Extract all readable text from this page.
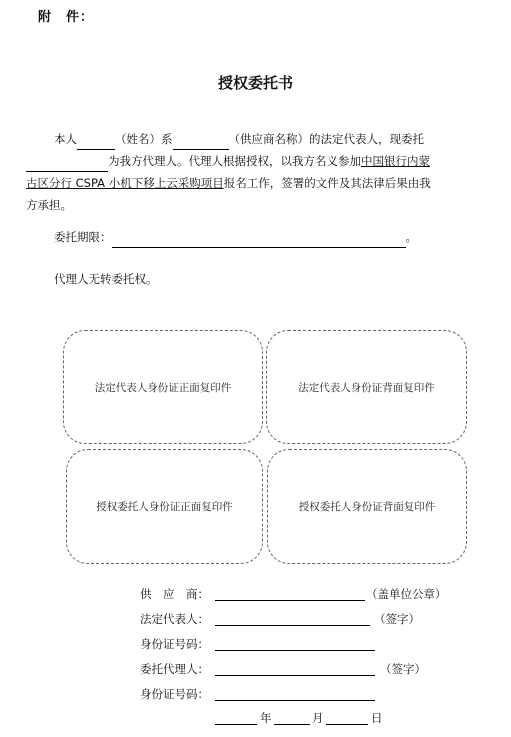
附　件：
授权委托书
本人	（姓名）系	（供应商名称）的法定代表人，现委托
为我方代理人。代理人根据授权，以我方名义参加中国银行内蒙
古区分行 CSPA 小机下移上云采购项目报名工作，签署的文件及其法律后果由我
方承担。
委托期限：	。
代理人无转委托权。
法定代表人身份证正面复印件	法定代表人身份证背面复印件
授权委托人身份证正面复印件	授权委托人身份证背面复印件
供　应　商：	（盖单位公章）
法定代表人：	（签字）
身份证号码：
委托代理人：	（签字）
身份证号码：
年	月	日
